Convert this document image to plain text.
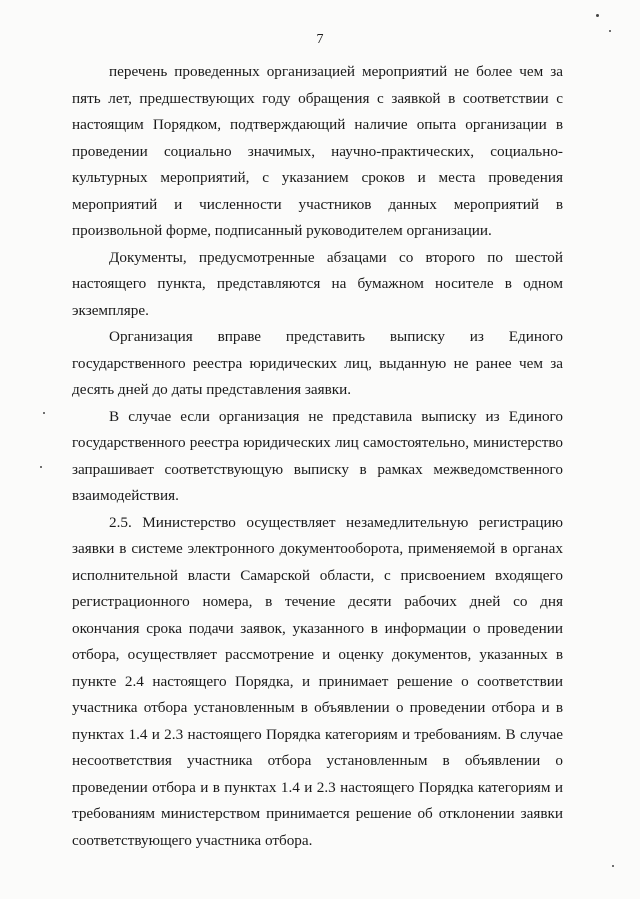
7
перечень проведенных организацией мероприятий не более чем за
пять лет, предшествующих году обращения с заявкой в соответствии с
настоящим Порядком, подтверждающий наличие опыта организации в
проведении социально значимых, научно-практических, социально-
культурных мероприятий, с указанием сроков и места проведения
мероприятий и численности участников данных мероприятий в
произвольной форме, подписанный руководителем организации.
Документы, предусмотренные абзацами со второго по шестой
настоящего пункта, представляются на бумажном носителе в одном
экземпляре.
Организация вправе представить выписку из Единого
государственного реестра юридических лиц, выданную не ранее чем за
десять дней до даты представления заявки.
В случае если организация не представила выписку из Единого
государственного реестра юридических лиц самостоятельно, министерство
запрашивает соответствующую выписку в рамках межведомственного
взаимодействия.
2.5. Министерство осуществляет незамедлительную регистрацию
заявки в системе электронного документооборота, применяемой в органах
исполнительной власти Самарской области, с присвоением входящего
регистрационного номера, в течение десяти рабочих дней со дня
окончания срока подачи заявок, указанного в информации о проведении
отбора, осуществляет рассмотрение и оценку документов, указанных в
пункте 2.4 настоящего Порядка, и принимает решение о соответствии
участника отбора установленным в объявлении о проведении отбора и в
пунктах 1.4 и 2.3 настоящего Порядка категориям и требованиям. В случае
несоответствия участника отбора установленным в объявлении о
проведении отбора и в пунктах 1.4 и 2.3 настоящего Порядка категориям и
требованиям министерством принимается решение об отклонении заявки
соответствующего участника отбора.
